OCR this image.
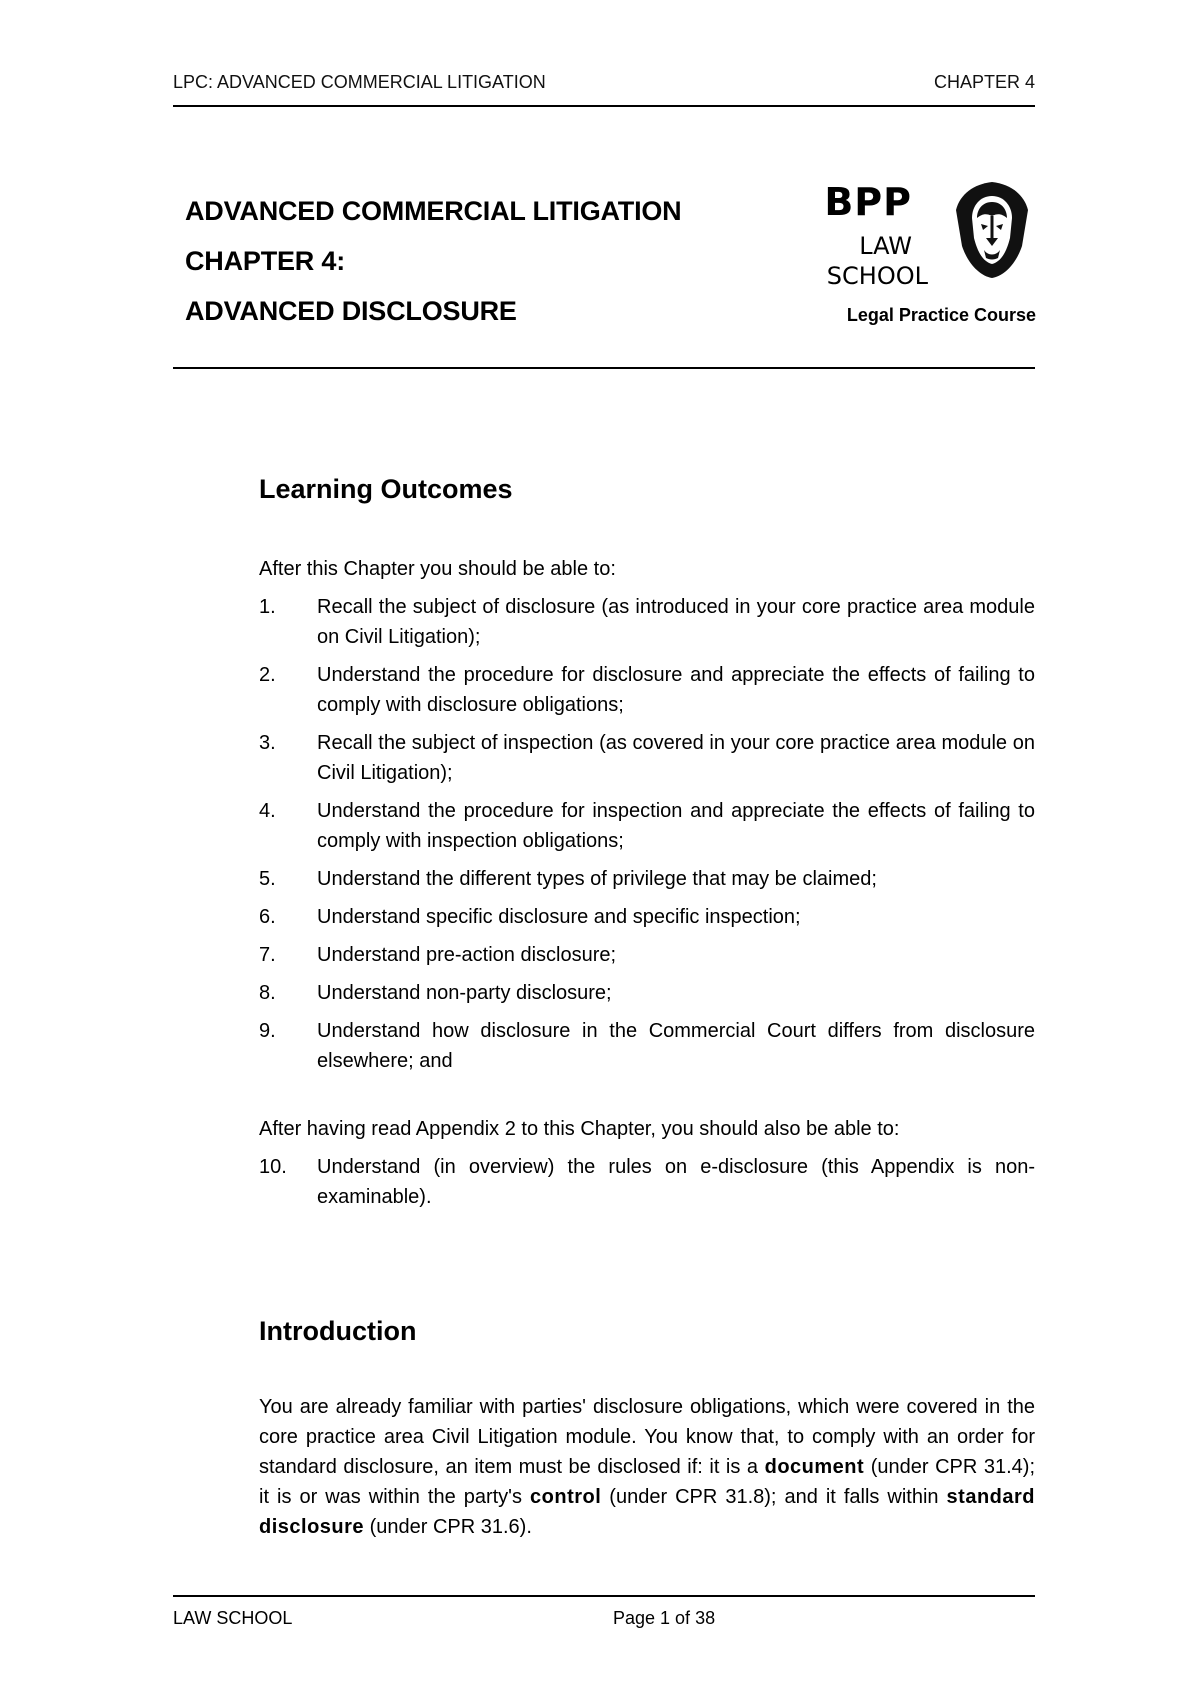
LPC: ADVANCED COMMERCIAL LITIGATION	CHAPTER 4
ADVANCED COMMERCIAL LITIGATION
CHAPTER 4:
ADVANCED DISCLOSURE
BPP
LAW
SCHOOL
Legal Practice Course
Learning Outcomes
After this Chapter you should be able to:
1. Recall the subject of disclosure (as introduced in your core practice area module on Civil Litigation);
2. Understand the procedure for disclosure and appreciate the effects of failing to comply with disclosure obligations;
3. Recall the subject of inspection (as covered in your core practice area module on Civil Litigation);
4. Understand the procedure for inspection and appreciate the effects of failing to comply with inspection obligations;
5. Understand the different types of privilege that may be claimed;
6. Understand specific disclosure and specific inspection;
7. Understand pre-action disclosure;
8. Understand non-party disclosure;
9. Understand how disclosure in the Commercial Court differs from disclosure elsewhere; and
After having read Appendix 2 to this Chapter, you should also be able to:
10. Understand (in overview) the rules on e-disclosure (this Appendix is non-examinable).
Introduction
You are already familiar with parties' disclosure obligations, which were covered in the core practice area Civil Litigation module. You know that, to comply with an order for standard disclosure, an item must be disclosed if: it is a document (under CPR 31.4); it is or was within the party's control (under CPR 31.8); and it falls within standard disclosure (under CPR 31.6).
LAW SCHOOL	Page 1 of 38
